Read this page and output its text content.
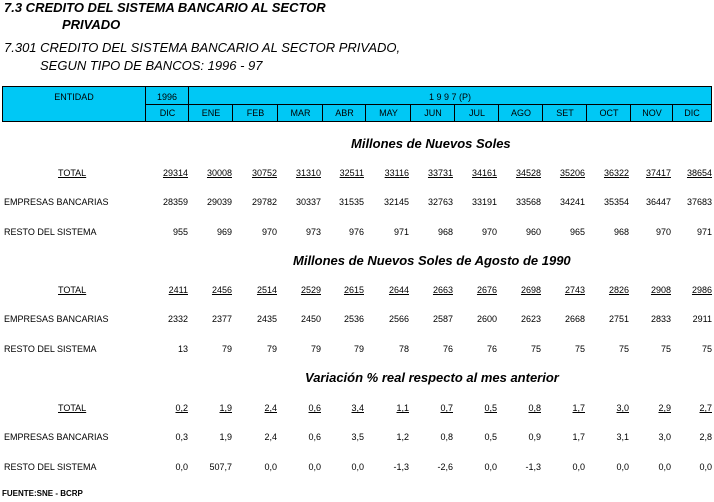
7.3 CREDITO DEL SISTEMA BANCARIO AL SECTOR
PRIVADO
7.301 CREDITO DEL SISTEMA BANCARIO AL SECTOR PRIVADO,
SEGUN TIPO DE BANCOS: 1996 - 97
ENTIDAD	1996	1 9 9 7 (P)
DIC	ENE	FEB	MAR	ABR	MAY	JUN	JUL	AGO	SET	OCT	NOV	DIC
Millones de Nuevos Soles
TOTAL	29314 30008 30752 31310 32511 33116 33731 34161 34528 35206 36322 37417 38654
EMPRESAS BANCARIAS	28359 29039 29782 30337 31535 32145 32763 33191 33568 34241 35354 36447 37683
RESTO DEL SISTEMA	955	969	970	973	976	971	968	970	960	965	968	970	971
Millones de Nuevos Soles de Agosto de 1990
TOTAL	2411	2456	2514	2529	2615	2644	2663	2676	2698	2743	2826 2908 2986
EMPRESAS BANCARIAS	2332	2377	2435	2450	2536	2566	2587	2600	2623	2668	2751 2833 2911
RESTO DEL SISTEMA	13	79	79	79	79	78	76	76	75	75	75	75	75
Variación % real respecto al mes anterior
TOTAL	0,2	1,9	2,4	0,6	3,4	1,1	0,7	0,5	0,8	1,7	3,0	2,9	2,7
EMPRESAS BANCARIAS	0,3	1,9	2,4	0,6	3,5	1,2	0,8	0,5	0,9	1,7	3,1	3,0	2,8
RESTO DEL SISTEMA	0,0 507,7	0,0	0,0	0,0	-1,3	-2,6	0,0	-1,3	0,0	0,0	0,0	0,0
FUENTE:SNE - BCRP
